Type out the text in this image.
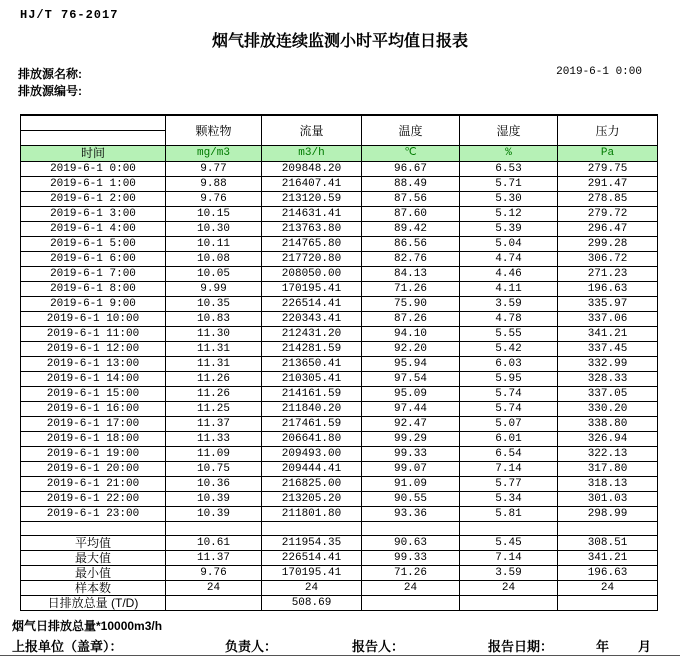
HJ/T 76-2017
烟气排放连续监测小时平均值日报表
排放源名称:
排放源编号:
2019-6-1 0:00
	颗粒物	流量	温度	湿度	压力

时间	mg/m3	m3/h	℃	%	Pa
2019-6-1 0:00	9.77	209848.20	96.67	6.53	279.75
2019-6-1 1:00	9.88	216407.41	88.49	5.71	291.47
2019-6-1 2:00	9.76	213120.59	87.56	5.30	278.85
2019-6-1 3:00	10.15	214631.41	87.60	5.12	279.72
2019-6-1 4:00	10.30	213763.80	89.42	5.39	296.47
2019-6-1 5:00	10.11	214765.80	86.56	5.04	299.28
2019-6-1 6:00	10.08	217720.80	82.76	4.74	306.72
2019-6-1 7:00	10.05	208050.00	84.13	4.46	271.23
2019-6-1 8:00	9.99	170195.41	71.26	4.11	196.63
2019-6-1 9:00	10.35	226514.41	75.90	3.59	335.97
2019-6-1 10:00	10.83	220343.41	87.26	4.78	337.06
2019-6-1 11:00	11.30	212431.20	94.10	5.55	341.21
2019-6-1 12:00	11.31	214281.59	92.20	5.42	337.45
2019-6-1 13:00	11.31	213650.41	95.94	6.03	332.99
2019-6-1 14:00	11.26	210305.41	97.54	5.95	328.33
2019-6-1 15:00	11.26	214161.59	95.09	5.74	337.05
2019-6-1 16:00	11.25	211840.20	97.44	5.74	330.20
2019-6-1 17:00	11.37	217461.59	92.47	5.07	338.80
2019-6-1 18:00	11.33	206641.80	99.29	6.01	326.94
2019-6-1 19:00	11.09	209493.00	99.33	6.54	322.13
2019-6-1 20:00	10.75	209444.41	99.07	7.14	317.80
2019-6-1 21:00	10.36	216825.00	91.09	5.77	318.13
2019-6-1 22:00	10.39	213205.20	90.55	5.34	301.03
2019-6-1 23:00	10.39	211801.80	93.36	5.81	298.99

平均值	10.61	211954.35	90.63	5.45	308.51
最大值	11.37	226514.41	99.33	7.14	341.21
最小值	9.76	170195.41	71.26	3.59	196.63
样本数	24	24	24	24	24
日排放总量 (T/D)		508.69			
烟气日排放总量*10000m3/h
上报单位（盖章）：	负责人：	报告人：	报告日期：	年 月
